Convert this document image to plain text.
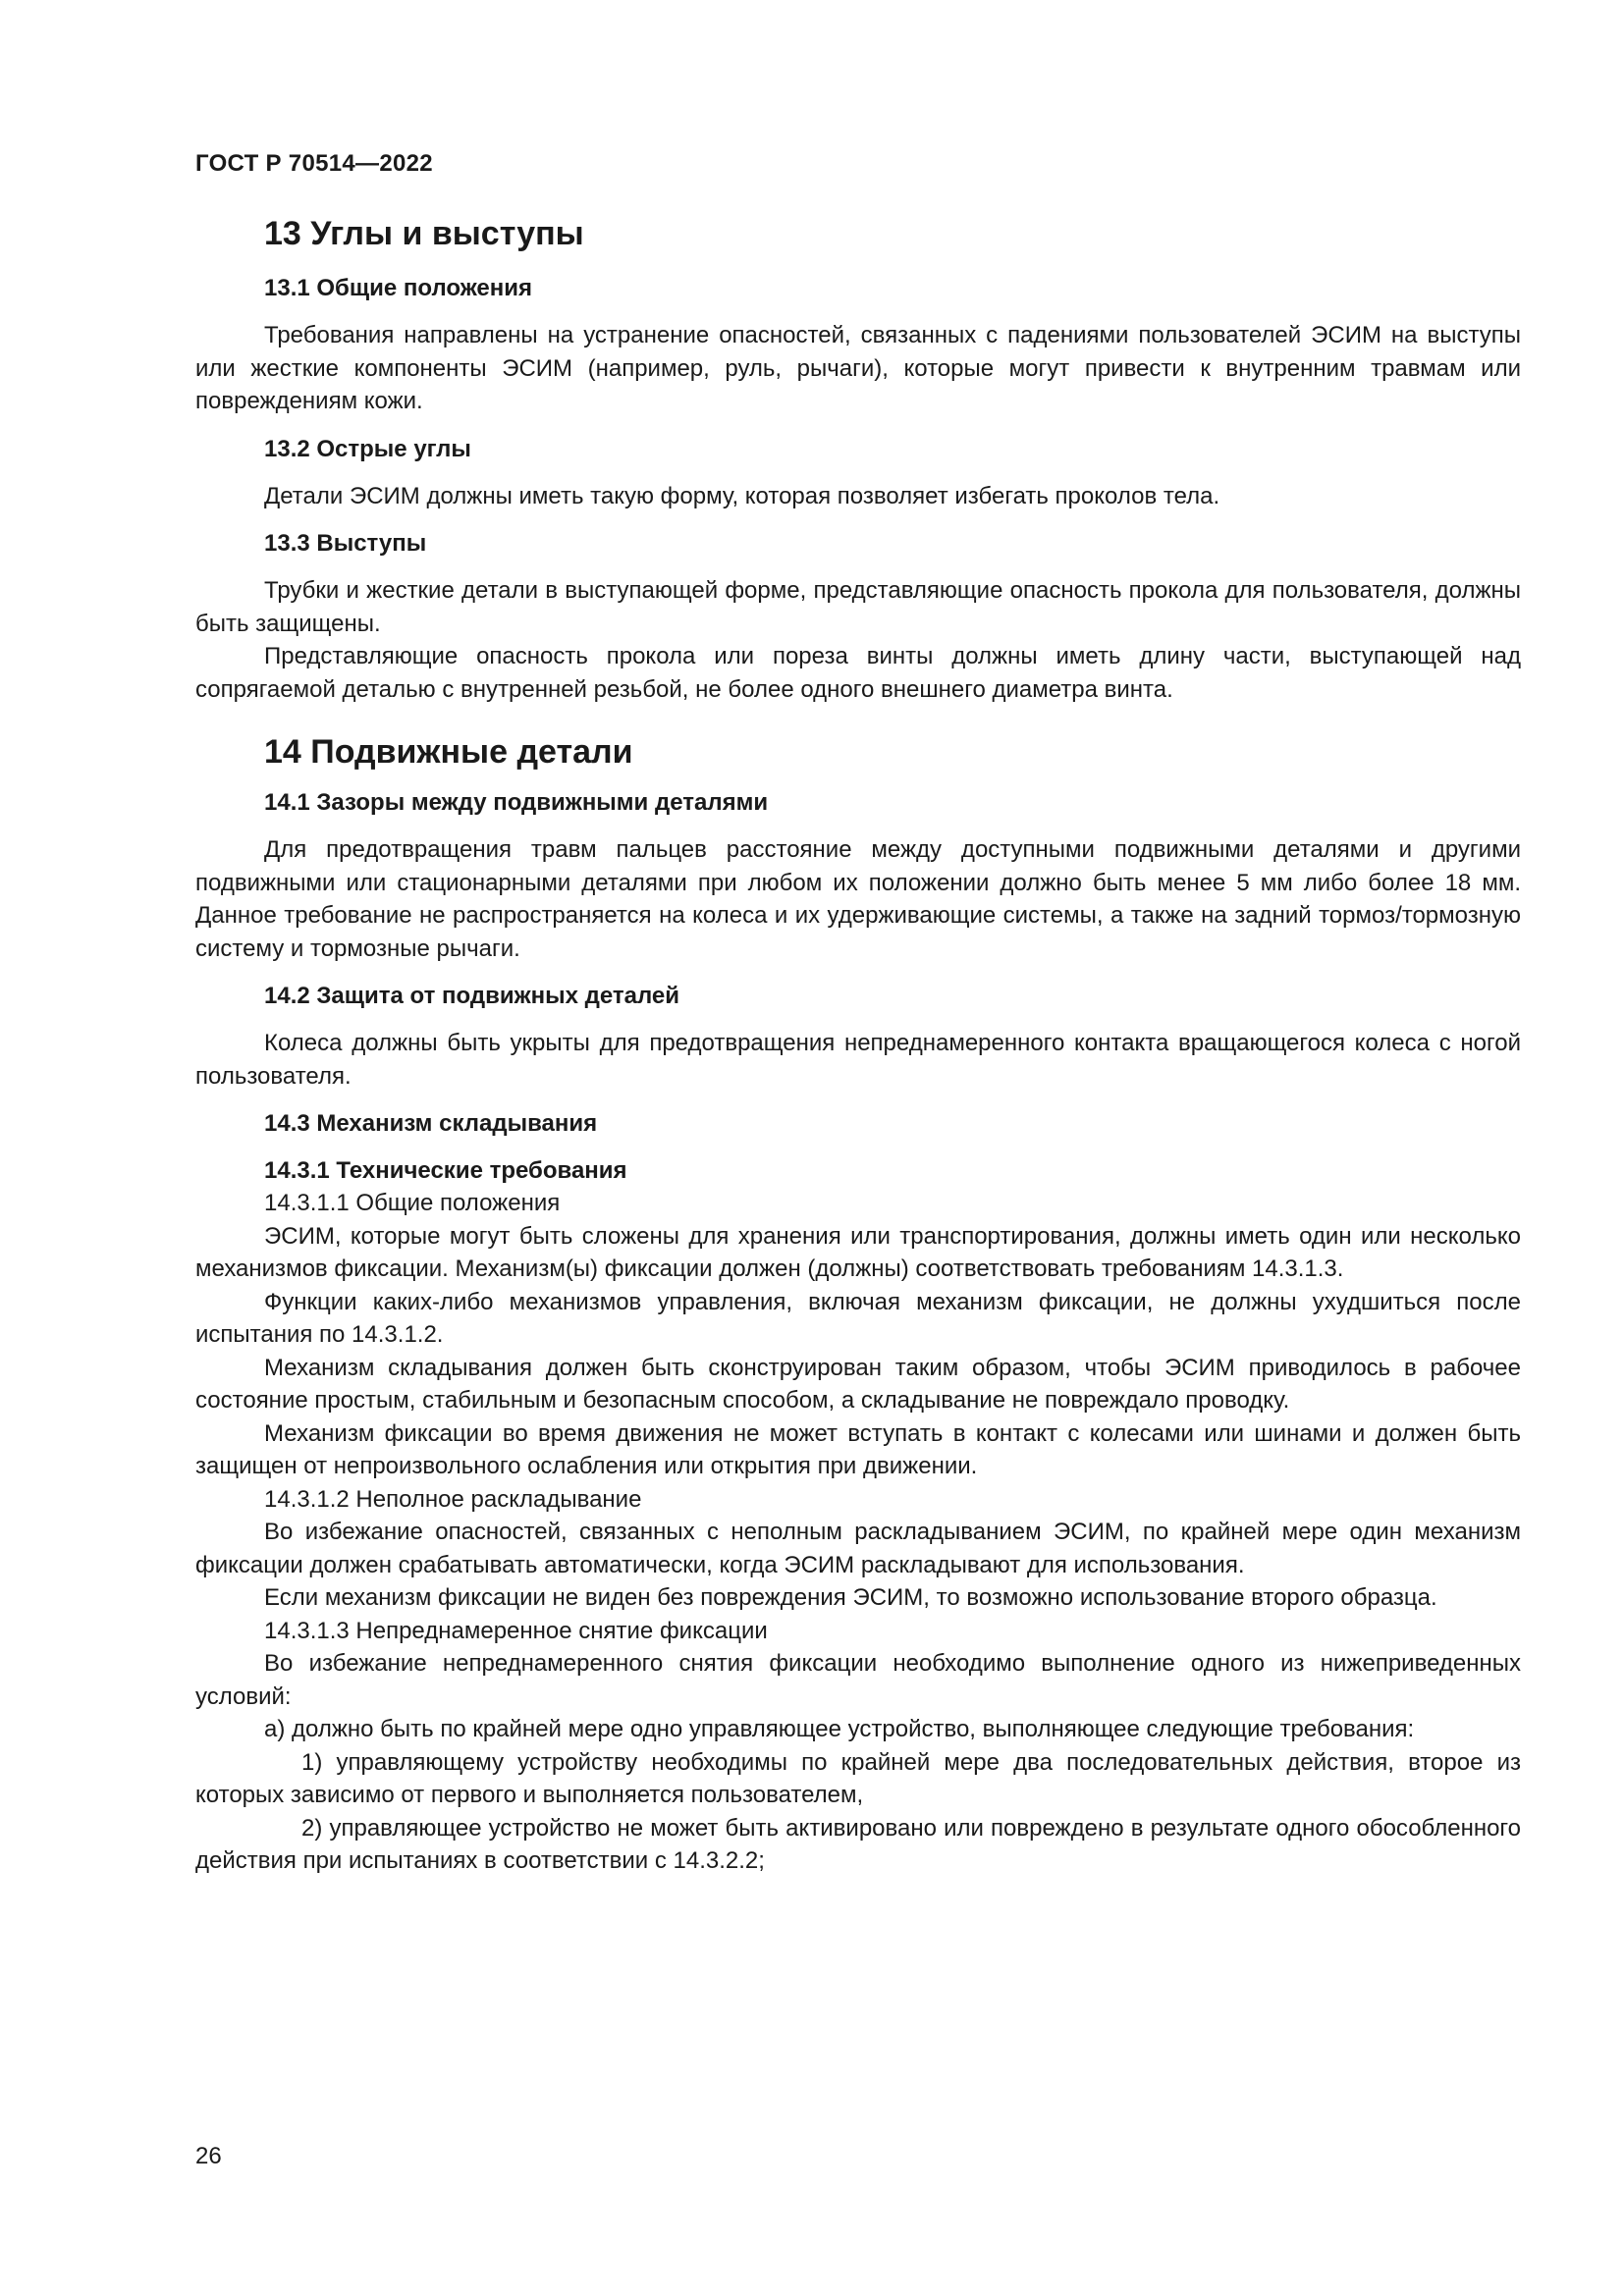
ГОСТ Р 70514—2022
13 Углы и выступы
13.1 Общие положения

Требования направлены на устранение опасностей, связанных с падениями пользователей ЭСИМ на выступы или жесткие компоненты ЭСИМ (например, руль, рычаги), которые могут привести к внутренним травмам или повреждениям кожи.

13.2 Острые углы

Детали ЭСИМ должны иметь такую форму, которая позволяет избегать проколов тела.

13.3 Выступы

Трубки и жесткие детали в выступающей форме, представляющие опасность прокола для пользователя, должны быть защищены.

Представляющие опасность прокола или пореза винты должны иметь длину части, выступающей над сопрягаемой деталью с внутренней резьбой, не более одного внешнего диаметра винта.

14 Подвижные детали
14.1 Зазоры между подвижными деталями

Для предотвращения травм пальцев расстояние между доступными подвижными деталями и другими подвижными или стационарными деталями при любом их положении должно быть менее 5 мм либо более 18 мм. Данное требование не распространяется на колеса и их удерживающие системы, а также на задний тормоз/тормозную систему и тормозные рычаги.

14.2 Защита от подвижных деталей

Колеса должны быть укрыты для предотвращения непреднамеренного контакта вращающегося колеса с ногой пользователя.

14.3 Механизм складывания
14.3.1 Технические требования

14.3.1.1 Общие положения

ЭСИМ, которые могут быть сложены для хранения или транспортирования, должны иметь один или несколько механизмов фиксации. Механизм(ы) фиксации должен (должны) соответствовать требованиям 14.3.1.3.

Функции каких-либо механизмов управления, включая механизм фиксации, не должны ухудшиться после испытания по 14.3.1.2.

Механизм складывания должен быть сконструирован таким образом, чтобы ЭСИМ приводилось в рабочее состояние простым, стабильным и безопасным способом, а складывание не повреждало проводку.

Механизм фиксации во время движения не может вступать в контакт с колесами или шинами и должен быть защищен от непроизвольного ослабления или открытия при движении.

14.3.1.2 Неполное раскладывание

Во избежание опасностей, связанных с неполным раскладыванием ЭСИМ, по крайней мере один механизм фиксации должен срабатывать автоматически, когда ЭСИМ раскладывают для использования.

Если механизм фиксации не виден без повреждения ЭСИМ, то возможно использование второго образца.

14.3.1.3 Непреднамеренное снятие фиксации

Во избежание непреднамеренного снятия фиксации необходимо выполнение одного из нижеприведенных условий:

а) должно быть по крайней мере одно управляющее устройство, выполняющее следующие требования:

1) управляющему устройству необходимы по крайней мере два последовательных действия, второе из которых зависимо от первого и выполняется пользователем,

2) управляющее устройство не может быть активировано или повреждено в результате одного обособленного действия при испытаниях в соответствии с 14.3.2.2;

26
